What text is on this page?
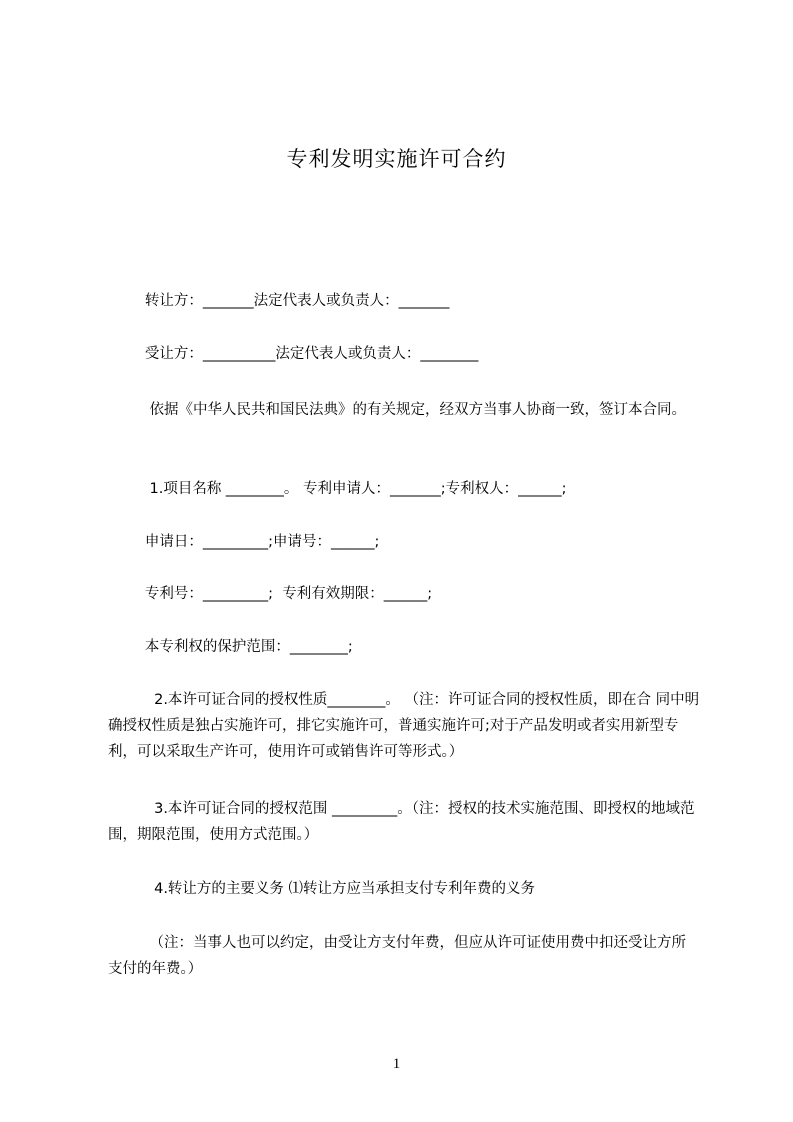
专利发明实施许可合约

转让方：_______法定代表人或负责人：_______

受让方：__________法定代表人或负责人：________

依据《中华人民共和国民法典》的有关规定，经双方当事人协商一致，签订本合同。

1.项目名称 ________。 专利申请人：_______;专利权人：______;

申请日：_________;申请号：______;

专利号：_________;  专利有效期限：______;

本专利权的保护范围：________;

2.本许可证合同的授权性质________。 （注：许可证合同的授权性质，即在合 同中明确授权性质是独占实施许可，排它实施许可，普通实施许可;对于产品发明或者实用新型专利，可以采取生产许可，使用许可或销售许可等形式。）

3.本许可证合同的授权范围 _________。（注：授权的技术实施范围、即授权的地域范围，期限范围，使用方式范围。）

4.转让方的主要义务 ⑴转让方应当承担支付专利年费的义务

（注：当事人也可以约定，由受让方支付年费，但应从许可证使用费中扣还受让方所支付的年费。）

1
